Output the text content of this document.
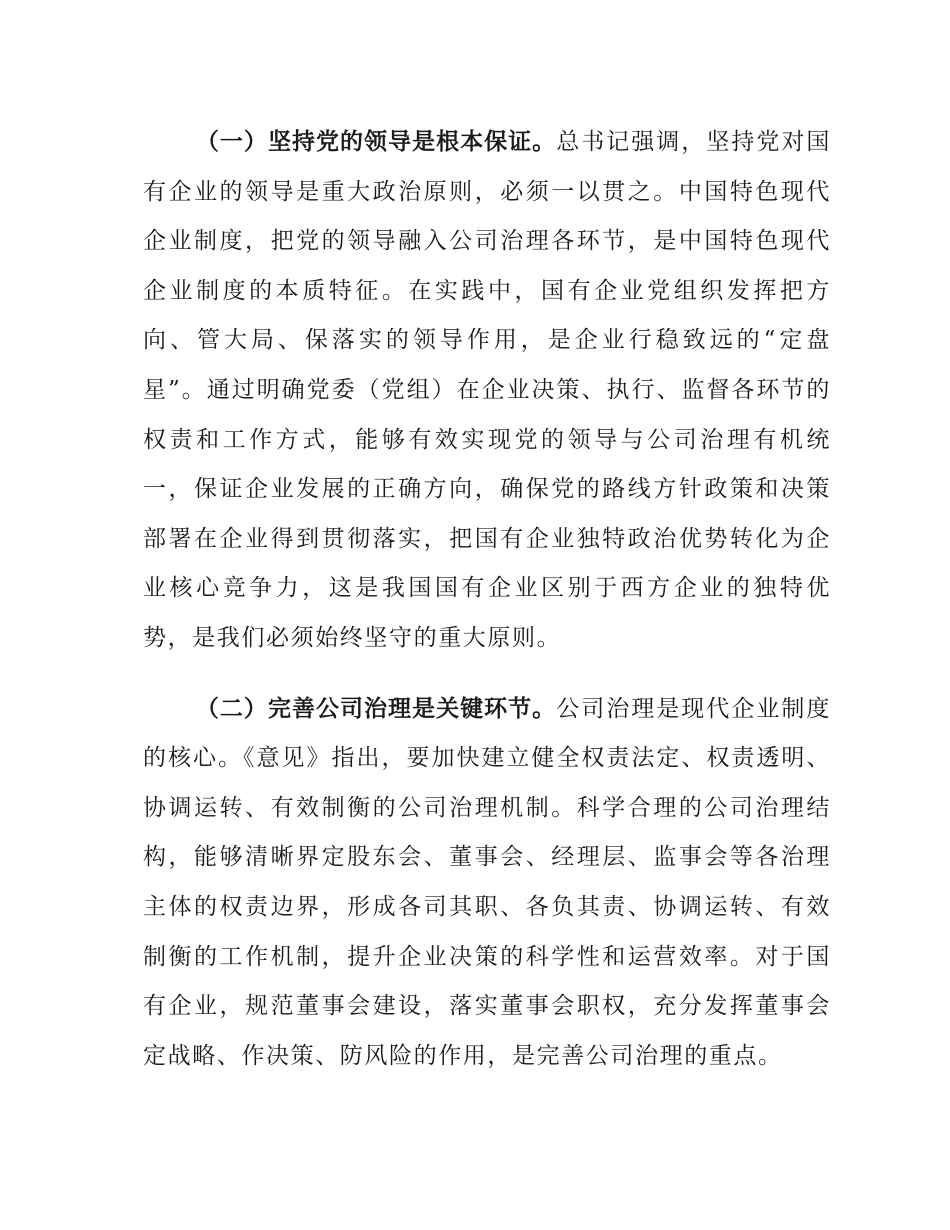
（一）坚持党的领导是根本保证。总书记强调，坚持党对国有企业的领导是重大政治原则，必须一以贯之。中国特色现代企业制度，把党的领导融入公司治理各环节，是中国特色现代企业制度的本质特征。在实践中，国有企业党组织发挥把方向、管大局、保落实的领导作用，是企业行稳致远的“定盘星”。通过明确党委（党组）在企业决策、执行、监督各环节的权责和工作方式，能够有效实现党的领导与公司治理有机统一，保证企业发展的正确方向，确保党的路线方针政策和决策部署在企业得到贯彻落实，把国有企业独特政治优势转化为企业核心竞争力，这是我国国有企业区别于西方企业的独特优势，是我们必须始终坚守的重大原则。

（二）完善公司治理是关键环节。公司治理是现代企业制度的核心。《意见》指出，要加快建立健全权责法定、权责透明、协调运转、有效制衡的公司治理机制。科学合理的公司治理结构，能够清晰界定股东会、董事会、经理层、监事会等各治理主体的权责边界，形成各司其职、各负其责、协调运转、有效制衡的工作机制，提升企业决策的科学性和运营效率。对于国有企业，规范董事会建设，落实董事会职权，充分发挥董事会定战略、作决策、防风险的作用，是完善公司治理的重点。
